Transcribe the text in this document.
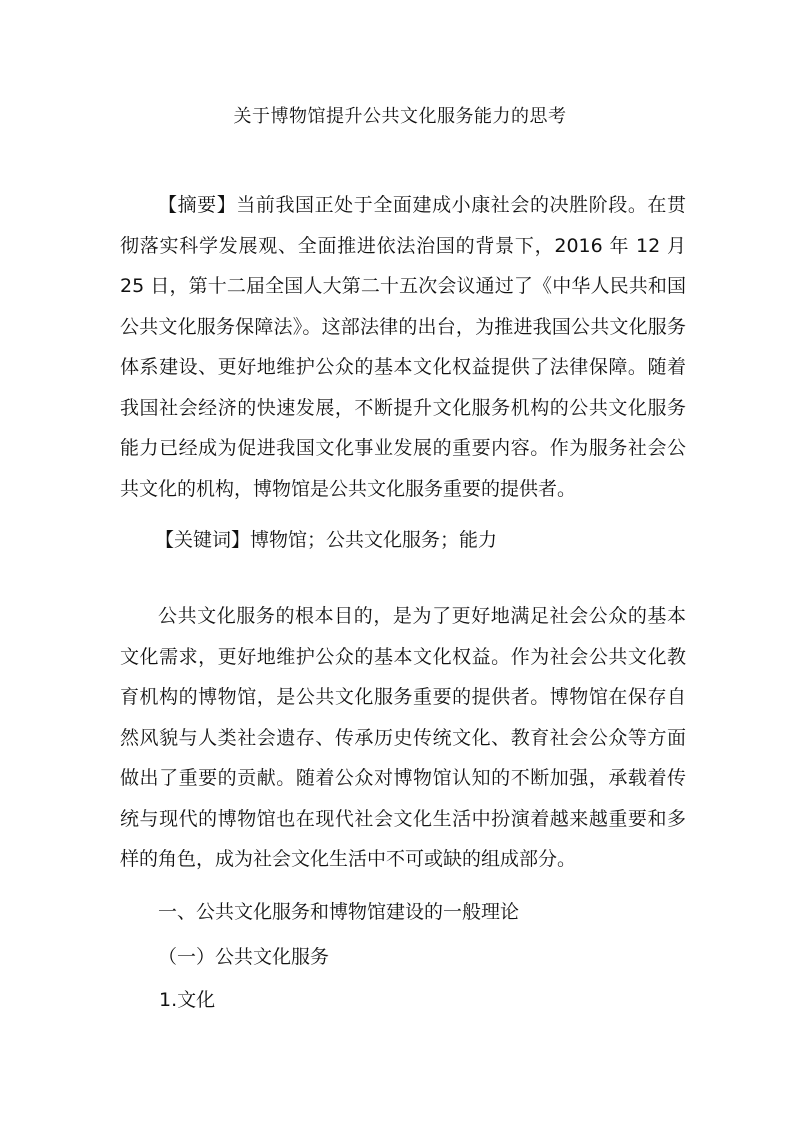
关于博物馆提升公共文化服务能力的思考

【摘要】当前我国正处于全面建成小康社会的决胜阶段。在贯彻落实科学发展观、全面推进依法治国的背景下，2016 年 12 月 25 日，第十二届全国人大第二十五次会议通过了《中华人民共和国公共文化服务保障法》。这部法律的出台，为推进我国公共文化服务体系建设、更好地维护公众的基本文化权益提供了法律保障。随着我国社会经济的快速发展，不断提升文化服务机构的公共文化服务能力已经成为促进我国文化事业发展的重要内容。作为服务社会公共文化的机构，博物馆是公共文化服务重要的提供者。

【关键词】博物馆；公共文化服务；能力

公共文化服务的根本目的，是为了更好地满足社会公众的基本文化需求，更好地维护公众的基本文化权益。作为社会公共文化教育机构的博物馆，是公共文化服务重要的提供者。博物馆在保存自然风貌与人类社会遗存、传承历史传统文化、教育社会公众等方面做出了重要的贡献。随着公众对博物馆认知的不断加强，承载着传统与现代的博物馆也在现代社会文化生活中扮演着越来越重要和多样的角色，成为社会文化生活中不可或缺的组成部分。

一、公共文化服务和博物馆建设的一般理论

（一）公共文化服务

1.文化
